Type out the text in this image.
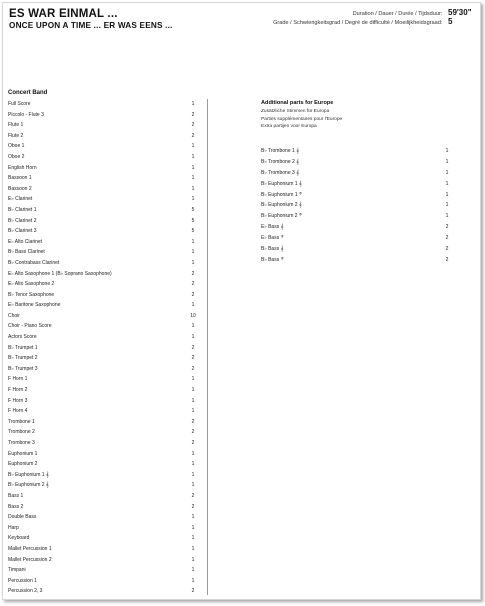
ES WAR EINMAL ...
ONCE UPON A TIME ... ER WAS EENS ...
Duration / Dauer / Durée / Tijdsduur: 59'30"
Grade / Schwierigkeitsgrad / Degré de difficulté / Moeilijkheidsgraad: 5
Concert Band
Full Score	1
Piccolo - Flute 3	2
Flute 1	2
Flute 2	2
Oboe 1	1
Oboe 2	1
English Horn	1
Bassoon 1	1
Bassoon 2	1
E♭ Clarinet	1
B♭ Clarinet 1	5
B♭ Clarinet 2	5
B♭ Clarinet 3	5
E♭ Alto Clarinet	1
B♭ Bass Clarinet	1
B♭ Contrabass Clarinet	1
E♭ Alto Saxophone 1 (B♭ Soprano Saxophone)	2
E♭ Alto Saxophone 2	2
B♭ Tenor Saxophone	2
E♭ Baritone Saxophone	1
Choir	10
Choir - Piano Score	1
Actors Score	1
B♭ Trumpet 1	2
B♭ Trumpet 2	2
B♭ Trumpet 3	2
F Horn 1	1
F Horn 2	1
F Horn 3	1
F Horn 4	1
Trombone 1	2
Trombone 2	2
Trombone 3	2
Euphonium 1	1
Euphonium 2	1
B♭ Euphonium 1 𝄞	1
B♭ Euphonium 2 𝄞	1
Bass 1	2
Bass 2	2
Double Bass	1
Harp	1
Keyboard	1
Mallet Percussion 1	1
Mallet Percussion 2	1
Timpani	1
Percussion 1	1
Percussion 2, 3	2
Additional parts for Europe
Zusätzliche Stimmen für Europa
Parties supplémentaires pour l'Europe
Extra partijen voor Europa
B♭ Trombone 1 𝄞	1
B♭ Trombone 2 𝄞	1
B♭ Trombone 3 𝄞	1
B♭ Euphonium 1 𝄞	1
B♭ Euphonium 1 𝄢	1
B♭ Euphonium 2 𝄞	1
B♭ Euphonium 2 𝄢	1
E♭ Bass 𝄞	2
E♭ Bass 𝄢	2
B♭ Bass 𝄞	2
B♭ Bass 𝄢	2
